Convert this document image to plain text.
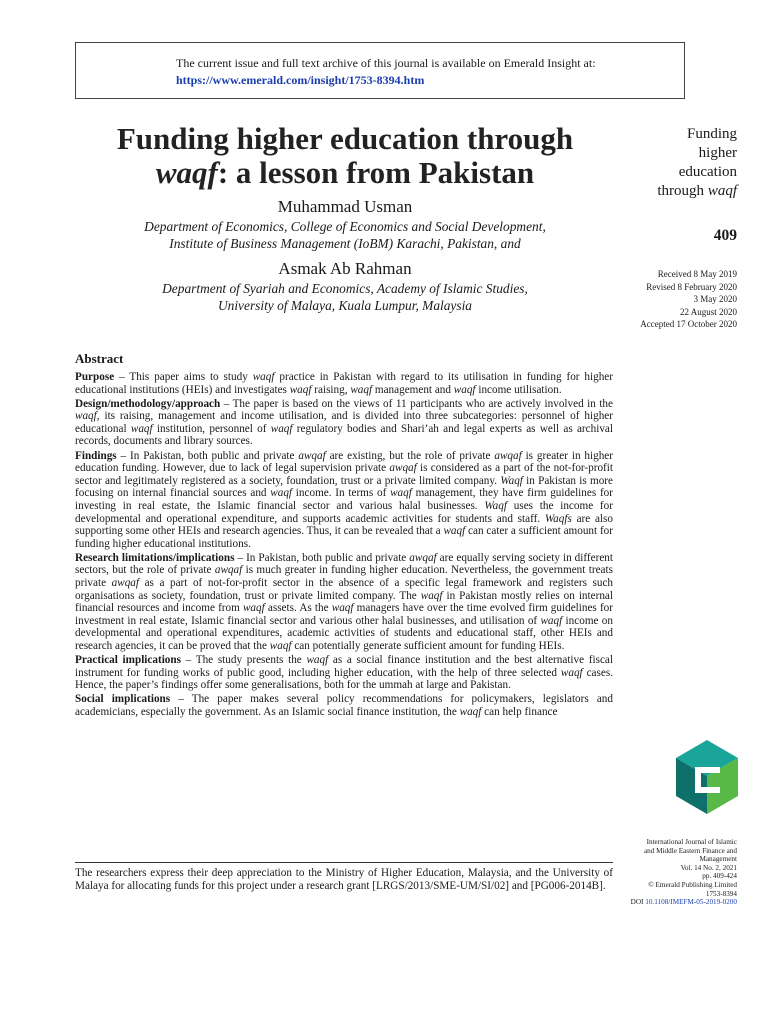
The current issue and full text archive of this journal is available on Emerald Insight at:
https://www.emerald.com/insight/1753-8394.htm
Funding higher education through
waqf: a lesson from Pakistan
Muhammad Usman
Department of Economics, College of Economics and Social Development,
Institute of Business Management (IoBM) Karachi, Pakistan, and
Asmak Ab Rahman
Department of Syariah and Economics, Academy of Islamic Studies,
University of Malaya, Kuala Lumpur, Malaysia
Funding
higher
education
through waqf
409
Received 8 May 2019
Revised 8 February 2020
3 May 2020
22 August 2020
Accepted 17 October 2020
Abstract

Purpose – This paper aims to study waqf practice in Pakistan with regard to its utilisation in funding for higher educational institutions (HEIs) and investigates waqf raising, waqf management and waqf income utilisation.

Design/methodology/approach – The paper is based on the views of 11 participants who are actively involved in the waqf, its raising, management and income utilisation, and is divided into three subcategories: personnel of higher educational waqf institution, personnel of waqf regulatory bodies and Shari’ah and legal experts as well as archival records, documents and library sources.

Findings – In Pakistan, both public and private awqaf are existing, but the role of private awqaf is greater in higher education funding. However, due to lack of legal supervision private awqaf is considered as a part of the not-for-profit sector and legitimately registered as a society, foundation, trust or a private limited company. Waqf in Pakistan is more focusing on internal financial sources and waqf income. In terms of waqf management, they have firm guidelines for investing in real estate, the Islamic financial sector and various halal businesses. Waqf uses the income for developmental and operational expenditure, and supports academic activities for students and staff. Waqfs are also supporting some other HEIs and research agencies. Thus, it can be revealed that a waqf can cater a sufficient amount for funding higher educational institutions.

Research limitations/implications – In Pakistan, both public and private awqaf are equally serving society in different sectors, but the role of private awqaf is much greater in funding higher education. Nevertheless, the government treats private awqaf as a part of not-for-profit sector in the absence of a specific legal framework and registers such organisations as society, foundation, trust or private limited company. The waqf in Pakistan mostly relies on internal financial resources and income from waqf assets. As the waqf managers have over the time evolved firm guidelines for investment in real estate, Islamic financial sector and various other halal businesses, and utilisation of waqf income on developmental and operational expenditures, academic activities of students and educational staff, other HEIs and research agencies, it can be proved that the waqf can potentially generate sufficient amount for funding HEIs.

Practical implications – The study presents the waqf as a social finance institution and the best alternative fiscal instrument for funding works of public good, including higher education, with the help of three selected waqf cases. Hence, the paper’s findings offer some generalisations, both for the ummah at large and Pakistan.

Social implications – The paper makes several policy recommendations for policymakers, legislators and academicians, especially the government. As an Islamic social finance institution, the waqf can help finance

International Journal of Islamic
and Middle Eastern Finance and
Management
Vol. 14 No. 2, 2021
pp. 409-424
© Emerald Publishing Limited
1753-8394
DOI 10.1108/IMEFM-05-2019-0200
The researchers express their deep appreciation to the Ministry of Higher Education, Malaysia, and the University of Malaya for allocating funds for this project under a research grant [LRGS/2013/SME-UM/SI/02] and [PG006-2014B].
